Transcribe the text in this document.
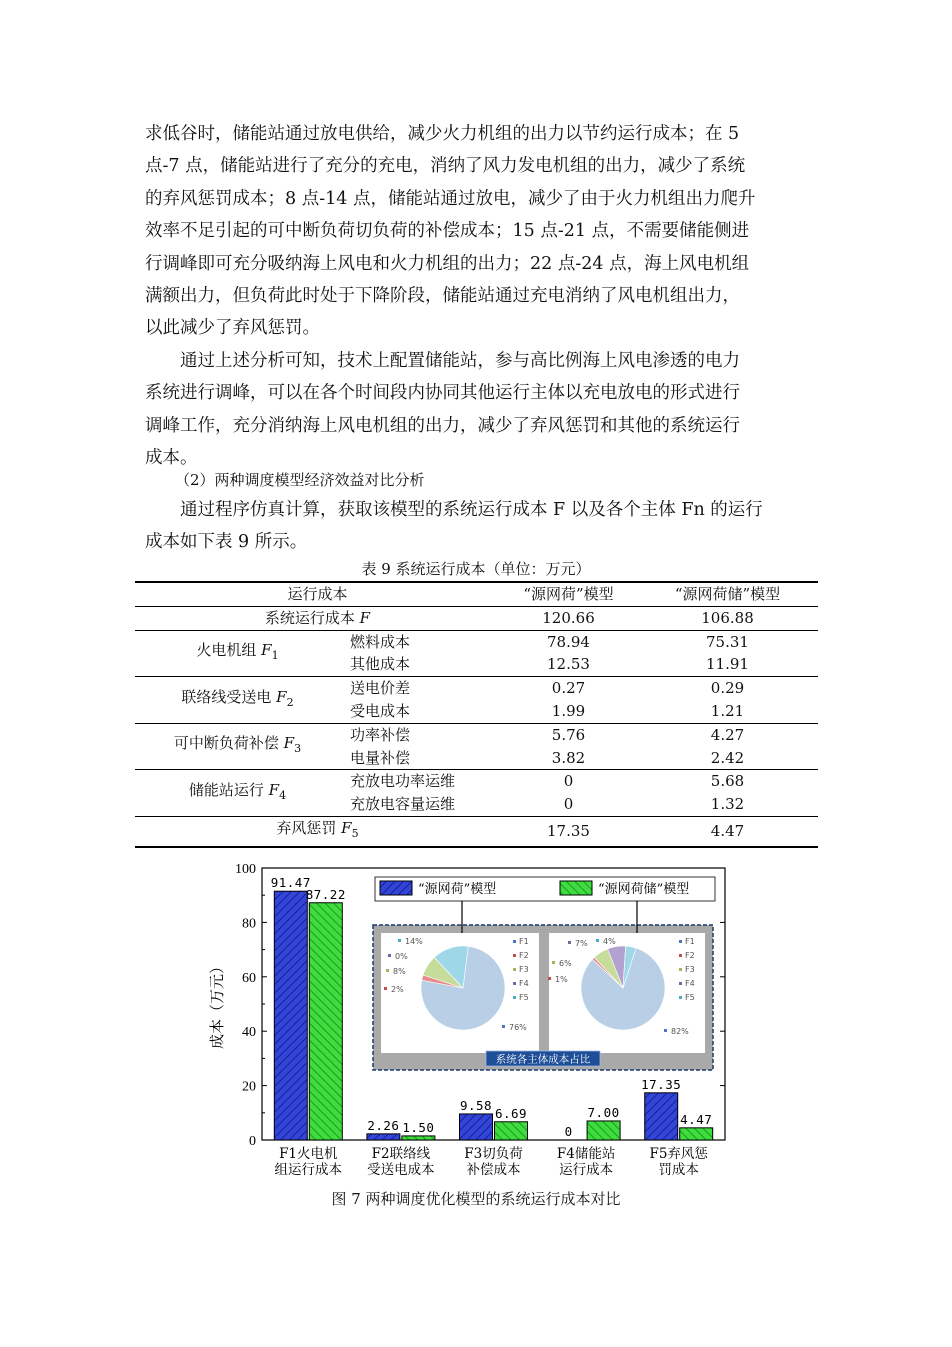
求低谷时，储能站通过放电供给，减少火力机组的出力以节约运行成本；在 5
点-7 点，储能站进行了充分的充电，消纳了风力发电机组的出力，减少了系统
的弃风惩罚成本；8 点-14 点，储能站通过放电，减少了由于火力机组出力爬升
效率不足引起的可中断负荷切负荷的补偿成本；15 点-21 点，不需要储能侧进
行调峰即可充分吸纳海上风电和火力机组的出力；22 点-24 点，海上风电机组
满额出力，但负荷此时处于下降阶段，储能站通过充电消纳了风电机组出力，
以此减少了弃风惩罚。
　　通过上述分析可知，技术上配置储能站，参与高比例海上风电渗透的电力
系统进行调峰，可以在各个时间段内协同其他运行主体以充电放电的形式进行
调峰工作，充分消纳海上风电机组的出力，减少了弃风惩罚和其他的系统运行
成本。

（2）两种调度模型经济效益对比分析

　　通过程序仿真计算，获取该模型的系统运行成本 F 以及各个主体 Fn 的运行
成本如下表 9 所示。

表 9 系统运行成本（单位：万元）

运行成本		“源网荷”模型	“源网荷储”模型
系统运行成本 F		120.66	106.88
火电机组 $F_1$	燃料成本	78.94	75.31
	其他成本	12.53	11.91
联络线受送电 $F_2$	送电价差	0.27	0.29
	受电成本	1.99	1.21
可中断负荷补偿 $F_3$	功率补偿	5.76	4.27
	电量补偿	3.82	2.42
储能站运行 $F_4$	充放电功率运维	0	5.68
	充放电容量运维	0	1.32
弃风惩罚 $F_5$		17.35	4.47
0
20
40
60
80
100
成本（万元）
91.47
87.22
F1火电机
组运行成本
2.26 1.50
F2联络线
受送电成本
9.58
6.69
F3切负荷
补偿成本
0
7.00
F4储能站
运行成本
17.35
4.47
F5弃风惩
罚成本
“源网荷”模型	“源网荷储”模型
76%
2%
8%
0%
14%	F1
F2
F3
F4
F5
82%
1%
6%
7% 4%	F1
F2
F3
F4
F5
系统各主体成本占比

图 7 两种调度优化模型的系统运行成本对比
